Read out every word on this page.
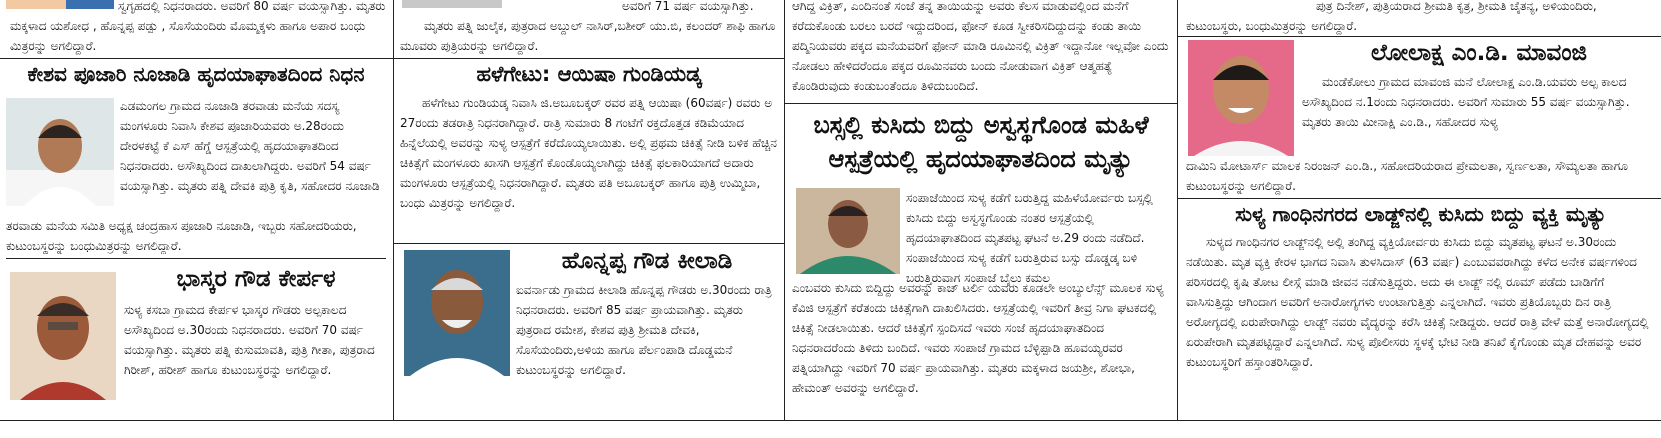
ಸ್ವಗೃಹದಲ್ಲಿ ನಿಧನರಾದರು. ಅವರಿಗೆ 80 ವರ್ಷ ವಯಸ್ಸಾಗಿತ್ತು. ಮೃತರು ಮಕ್ಕಳಾದ ಯಶೋಧ , ಹೊನ್ನಪ್ಪ ಪಡ್ಪು , ಸೊಸೆಯಂದಿರು ಮೊಮ್ಮಕ್ಕಳು ಹಾಗೂ ಅಪಾರ ಬಂಧು ಮಿತ್ರರನ್ನು ಅಗಲಿದ್ದಾರೆ.

ಕೇಶವ ಪೂಜಾರಿ ನೂಜಾಡಿ ಹೃದಯಾಘಾತದಿಂದ ನಿಧನ

ಎಡಮಂಗಲ ಗ್ರಾಮದ ನೂಜಾಡಿ ತರವಾಡು ಮನೆಯ ಸದಸ್ಯ ಮಂಗಳೂರು ನಿವಾಸಿ ಕೇಶವ ಪೂಜಾರಿಯವರು ಅ.28ರಂದು ದೇರಳಕಟ್ಟೆ ಕೆ ಎಸ್ ಹೆಗ್ಡೆ ಆಸ್ಪತ್ರೆಯಲ್ಲಿ ಹೃದಯಾಘಾತದಿಂದ ನಿಧನರಾದರು. ಅಸೌಖ್ಯದಿಂದ ದಾಖಲಾಗಿದ್ದರು. ಅವರಿಗೆ 54 ವರ್ಷ ವಯಸ್ಸಾಗಿತ್ತು. ಮೃತರು ಪತ್ನಿ ದೇವಕಿ ಪುತ್ರಿ ಕೃತಿ, ಸಹೋದರ ನೂಜಾಡಿ

ತರವಾಡು ಮನೆಯ ಸಮಿತಿ ಅಧ್ಯಕ್ಷ ಚಂದ್ರಹಾಸ ಪೂಜಾರಿ ನೂಜಾಡಿ, ಇಬ್ಬರು ಸಹೋದರಿಯರು, ಕುಟುಂಬಸ್ಥರನ್ನು ಬಂಧುಮಿತ್ರರನ್ನು ಅಗಲಿದ್ದಾರೆ.

ಭಾಸ್ಕರ ಗೌಡ ಕೇರ್ಪಳ

ಸುಳ್ಯ ಕಸಬಾ ಗ್ರಾಮದ ಕೇರ್ಪಳ ಭಾಸ್ಕರ ಗೌಡರು ಅಲ್ಪಕಾಲದ ಅಸೌಖ್ಯದಿಂದ ಅ.30ರಂದು ನಿಧನರಾದರು. ಅವರಿಗೆ 70 ವರ್ಷ ವಯಸ್ಸಾಗಿತ್ತು. ಮೃತರು ಪತ್ನಿ ಕುಸುಮಾವತಿ, ಪುತ್ರಿ ಗೀತಾ, ಪುತ್ರರಾದ ಗಿರೀಶ್, ಹರೀಶ್ ಹಾಗೂ ಕುಟುಂಬಸ್ಥರನ್ನು ಅಗಲಿದ್ದಾರೆ.

ಅವರಿಗೆ 71 ವರ್ಷ ವಯಸ್ಸಾಗಿತ್ತು.

ಮೃತರು ಪತ್ನಿ ಜುಲೈಕ, ಪುತ್ರರಾದ ಅಬ್ದುಲ್ ನಾಸಿರ್,ಬಶೀರ್ ಯು.ಬಿ, ಕಲಂದರ್ ಶಾಫಿ ಹಾಗೂ ಮೂವರು ಪುತ್ರಿಯರನ್ನು ಅಗಲಿದ್ದಾರೆ.

ಹಳೆಗೇಟು: ಆಯಿಷಾ ಗುಂಡಿಯಡ್ಕ

ಹಳೆಗೇಟು ಗುಂಡಿಯಡ್ಕ ನಿವಾಸಿ ಜಿ.ಅಬೂಬಕ್ಕರ್ ರವರ ಪತ್ನಿ ಆಯಿಷಾ (60ವರ್ಷ) ರವರು ಅ 27ರಂದು ತಡರಾತ್ರಿ ನಿಧನರಾಗಿದ್ದಾರೆ. ರಾತ್ರಿ ಸುಮಾರು 8 ಗಂಟೆಗೆ ರಕ್ತದೊತ್ತಡ ಕಡಿಮೆಯಾದ ಹಿನ್ನೆಲೆಯಲ್ಲಿ ಅವರನ್ನು ಸುಳ್ಯ ಆಸ್ಪತ್ರೆಗೆ ಕರೆದೊಯ್ಯಲಾಯಿತು. ಅಲ್ಲಿ ಪ್ರಥಮ ಚಿಕಿತ್ಸೆ ನೀಡಿ ಬಳಿಕ ಹೆಚ್ಚಿನ ಚಿಕಿತ್ಸೆಗೆ ಮಂಗಳೂರು ಖಾಸಗಿ ಆಸ್ಪತ್ರೆಗೆ ಕೊಂಡೊಯ್ಯಲಾಗಿದ್ದು ಚಿಕಿತ್ಸೆ ಫಲಕಾರಿಯಾಗದೆ ಅದಾರು ಮಂಗಳೂರು ಆಸ್ಪತ್ರೆಯಲ್ಲಿ ನಿಧನರಾಗಿದ್ದಾರೆ. ಮೃತರು ಪತಿ ಅಬೂಬಕ್ಕರ್ ಹಾಗೂ ಪುತ್ರಿ ಉಮ್ಮಿಬಾ, ಬಂಧು ಮಿತ್ರರನ್ನು ಅಗಲಿದ್ದಾರೆ.

ಹೊನ್ನಪ್ಪ ಗೌಡ ಕೀಲಾಡಿ

ಐವರ್ನಾಡು ಗ್ರಾಮದ ಕೀಲಾಡಿ ಹೊನ್ನಪ್ಪ ಗೌಡರು ಅ.30ರಂದು ರಾತ್ರಿ ನಿಧನರಾದರು. ಅವರಿಗೆ 85 ವರ್ಷ ಪ್ರಾಯವಾಗಿತ್ತು. ಮೃತರು ಪುತ್ರರಾದ ರಮೇಶ, ಕೇಶವ ಪುತ್ರಿ ಶ್ರೀಮತಿ ದೇವಕಿ, ಸೊಸೆಯಂದಿರು,ಅಳಿಯ ಹಾಗೂ ಪೆರ್ಲಂಪಾಡಿ ದೊಡ್ಡಮನೆ ಕುಟುಂಬಸ್ಥರನ್ನು ಅಗಲಿದ್ದಾರೆ.

ಆಗಿದ್ದ ವಿಕ್ರಿತ್, ಎಂದಿನಂತೆ ಸಂಜೆ ತನ್ನ ತಾಯಿಯನ್ನು ಅವರು ಕೆಲಸ ಮಾಡುವಲ್ಲಿಂದ ಮನೆಗೆ ಕರೆದುಕೊಂಡು ಬರಲು ಬರದೆ ಇದ್ದುದರಿಂದ, ಫೋನ್ ಕೂಡ ಸ್ವೀಕರಿಸದಿದ್ದುದನ್ನು ಕಂಡು ತಾಯಿ ಪದ್ಮಿನಿಯವರು ಪಕ್ಕದ ಮನೆಯವರಿಗೆ ಫೋನ್ ಮಾಡಿ ರೂಮಿನಲ್ಲಿ ವಿಕ್ರಿತ್ ಇದ್ದಾನೋ ಇಲ್ಲವೋ ಎಂದು ನೋಡಲು ಹೇಳಿದರೆಂದೂ ಪಕ್ಕದ ರೂಮಿನವರು ಬಂದು ನೋಡುವಾಗ ವಿಕ್ರಿತ್ ಆತ್ಮಹತ್ಯೆ ಕೊಂಡಿರುವುದು ಕಂಡುಬಂತೆಂದೂ ತಿಳಿದುಬಂದಿದೆ.

ಬಸ್ಸಲ್ಲಿ ಕುಸಿದು ಬಿದ್ದು ಅಸ್ವಸ್ಥಗೊಂಡ ಮಹಿಳೆ ಆಸ್ಪತ್ರೆಯಲ್ಲಿ ಹೃದಯಾಘಾತದಿಂದ ಮೃತ್ಯು

ಸಂಪಾಜೆಯಿಂದ ಸುಳ್ಯ ಕಡೆಗೆ ಬರುತ್ತಿದ್ದ ಮಹಿಳೆಯೋರ್ವರು ಬಸ್ಸಲ್ಲಿ ಕುಸಿದು ಬಿದ್ದು ಅಸ್ವಸ್ಥಗೊಂಡು ನಂತರ ಆಸ್ಪತ್ರೆಯಲ್ಲಿ ಹೃದಯಾಘಾತದಿಂದ ಮೃತಪಟ್ಟ ಘಟನೆ ಅ.29 ರಂದು ನಡೆದಿದೆ. ಸಂಪಾಜೆಯಿಂದ ಸುಳ್ಯ ಕಡೆಗೆ ಬರುತ್ತಿರುವ ಬಸ್ಸು ದೊಡ್ಡಡ್ಕ ಬಳಿ ಬರುತ್ತಿರುವಾಗ ಸಂಪಾಜೆ ಬೈಲು ಕಮಲ

ಎಂಬವರು ಕುಸಿದು ಬಿದ್ದಿದ್ದು ಅವರನ್ನು ಕಾಜ್ ಟರ್ಲಿ ಯವರು ಕೂಡಲೇ ಅಂಬ್ಯುಲೆನ್ಸ್ ಮೂಲಕ ಸುಳ್ಯ ಕೆವಿಜಿ ಆಸ್ಪತ್ರೆಗೆ ಕರೆತಂದು ಚಿಕಿತ್ಸೆಗಾಗಿ ದಾಖಲಿಸಿದರು. ಆಸ್ಪತ್ರೆಯಲ್ಲಿ ಇವರಿಗೆ ತೀವ್ರ ನಿಗಾ ಘಟಕದಲ್ಲಿ ಚಿಕಿತ್ಸೆ ನೀಡಲಾಯಿತು. ಆದರೆ ಚಿಕಿತ್ಸೆಗೆ ಸ್ಪಂದಿಸದೆ ಇವರು ಸಂಜೆ ಹೃದಯಾಘಾತದಿಂದ ನಿಧನರಾದರೆಂದು ತಿಳಿದು ಬಂದಿದೆ. ಇವರು ಸಂಪಾಜೆ ಗ್ರಾಮದ ಬೆಳ್ಳಿಪ್ಪಾಡಿ ಹೂವಯ್ಯರವರ ಪತ್ನಿಯಾಗಿದ್ದು ಇವರಿಗೆ 70 ವರ್ಷ ಪ್ರಾಯವಾಗಿತ್ತು. ಮೃತರು ಮಕ್ಕಳಾದ ಜಯಶ್ರೀ, ಶೋಭಾ, ಹೇಮಂತ್ ಅವರನ್ನು ಅಗಲಿದ್ದಾರೆ.

ಪುತ್ರ ದಿನೇಶ್, ಪುತ್ರಿಯರಾದ ಶ್ರೀಮತಿ ಕೃತ್ರ, ಶ್ರೀಮತಿ ಚೈತನ್ಯ, ಅಳಿಯಂದಿರು, ಕುಟುಂಬಸ್ಥರು, ಬಂಧುಮಿತ್ರರನ್ನು ಅಗಲಿದ್ದಾರೆ.

ಲೋಲಾಕ್ಷ ಎಂ.ಡಿ. ಮಾವಂಜಿ

ಮಂಡೆಕೋಲು ಗ್ರಾಮದ ಮಾವಂಜಿ ಮನೆ ಲೋಲಾಕ್ಷ ಎಂ.ಡಿ.ಯವರು ಅಲ್ಪ ಕಾಲದ ಅಸೌಖ್ಯದಿಂದ ನ.1ರಂದು ನಿಧನರಾದರು. ಅವರಿಗೆ ಸುಮಾರು 55 ವರ್ಷ ವಯಸ್ಸಾಗಿತ್ತು. ಮೃತರು ತಾಯಿ ಮೀನಾಕ್ಷಿ ಎಂ.ಡಿ., ಸಹೋದರ ಸುಳ್ಯ

ದಾಮಿನಿ ಮೋಟಾರ್ಸ್ ಮಾಲಕ ನಿರಂಜನ್ ಎಂ.ಡಿ., ಸಹೋದರಿಯರಾದ ಪ್ರೇಮಲತಾ, ಸ್ವರ್ಣಲತಾ, ಸೌಮ್ಯಲತಾ ಹಾಗೂ ಕುಟುಂಬಸ್ಥರನ್ನು ಅಗಲಿದ್ದಾರೆ.

ಸುಳ್ಯ ಗಾಂಧಿನಗರದ ಲಾಡ್ಜ್‌ನಲ್ಲಿ ಕುಸಿದು ಬಿದ್ದು ವ್ಯಕ್ತಿ ಮೃತ್ಯು

ಸುಳ್ಯದ ಗಾಂಧಿನಗರ ಲಾಡ್ಜ್‌ನಲ್ಲಿ ಅಲ್ಲಿ ತಂಗಿದ್ದ ವ್ಯಕ್ತಿಯೋರ್ವರು ಕುಸಿದು ಬಿದ್ದು ಮೃತಪಟ್ಟ ಘಟನೆ ಅ.30ರಂದು ನಡೆಯಿತು. ಮೃತ ವ್ಯಕ್ತಿ ಕೇರಳ ಭಾಗದ ನಿವಾಸಿ ತುಳಸಿದಾಸ್ (63 ವರ್ಷ) ಎಂಬುವವರಾಗಿದ್ದು ಕಳೆದ ಅನೇಕ ವರ್ಷಗಳಿಂದ ಪರಿಸರದಲ್ಲಿ ಕೃಷಿ ತೋಟ ಲೀಸ್ಗೆ ಮಾಡಿ ಜೀವನ ನಡೆಸುತ್ತಿದ್ದರು. ಅದು ಈ ಲಾಡ್ಜ್ ನಲ್ಲಿ ರೂಮ್ ಪಡೆದು ಬಾಡಿಗೆಗೆ ವಾಸಿಸುತ್ತಿದ್ದು ಆಗಿಂದಾಗ ಅವರಿಗೆ ಅನಾರೋಗ್ಯಗಳು ಉಂಟಾಗುತ್ತಿತ್ತು ಎನ್ನಲಾಗಿದೆ. ಇವರು ಪ್ರತಿಯೊಬ್ಬರು ದಿನ ರಾತ್ರಿ ಅರೋಗ್ಯದಲ್ಲಿ ಏರುಪೇರಾಗಿದ್ದು ಲಾಡ್ಜ್ ನವರು ವೈದ್ಯರನ್ನು ಕರೆಸಿ ಚಿಕಿತ್ಸೆ ನೀಡಿದ್ದರು. ಆದರೆ ರಾತ್ರಿ ವೇಳೆ ಮತ್ತೆ ಅನಾರೋಗ್ಯದಲ್ಲಿ ಏರುಪೇರಾಗಿ ಮೃತಪಟ್ಟಿದ್ದಾರೆ ಎನ್ನಲಾಗಿದೆ. ಸುಳ್ಯ ಪೊಲೀಸರು ಸ್ಥಳಕ್ಕೆ ಭೇಟಿ ನೀಡಿ ತನಿಖೆ ಕೈಗೊಂಡು ಮೃತ ದೇಹವನ್ನು ಅವರ ಕುಟುಂಬಸ್ಥರಿಗೆ ಹಸ್ತಾಂತರಿಸಿದ್ದಾರೆ.
